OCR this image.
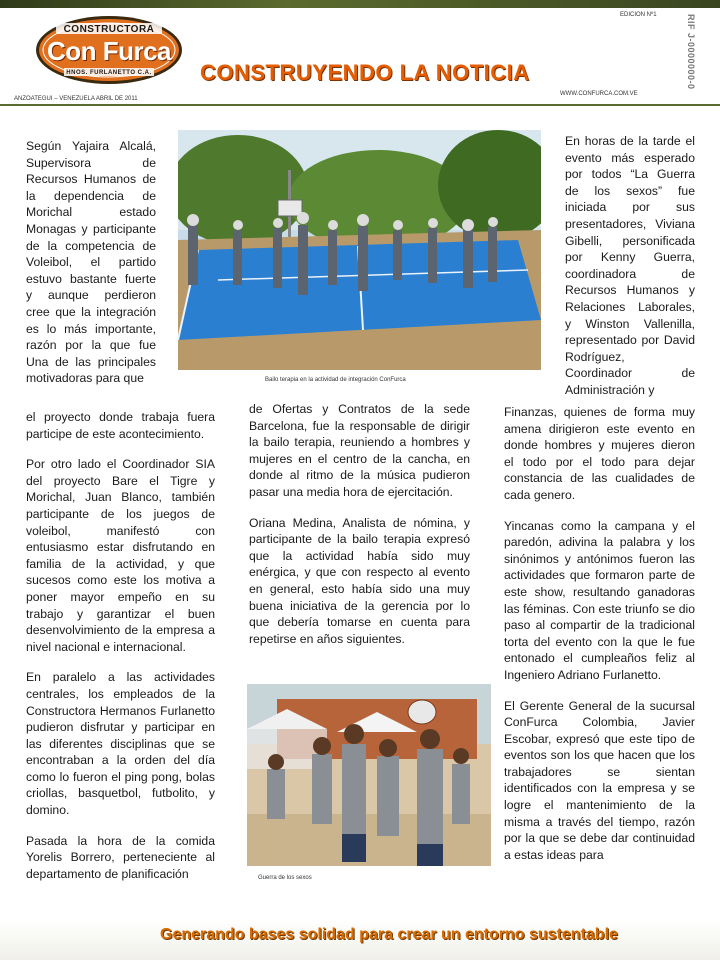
CONSTRUCTORA
Con Furca
HNOS. FURLANETTO C.A.	CONSTRUYENDO LA NOTICIA
EDICION Nº1	RIF J-0000000-0
WWW.CONFURCA.COM.VE
ANZOATEGUI – VENEZUELA ABRIL DE 2011

Según Yajaira Alcalá, Supervisora de Recursos Humanos de la dependencia de Morichal estado Monagas y participante de la competencia de Voleibol, el partido estuvo bastante fuerte y aunque perdieron cree que la integración es lo más importante, razón por la que fue Una de las principales motivadoras para que	Bailo terapia en la actividad de integración ConFurca

En horas de la tarde el evento más esperado por todos “La Guerra de los sexos” fue iniciada por sus presentadores, Viviana Gibelli, personificada por Kenny Guerra, coordinadora de Recursos Humanos y Relaciones Laborales, y Winston Vallenilla, representado por David Rodríguez, Coordinador de Administración y

el proyecto donde trabaja fuera participe de este acontecimiento.

Por otro lado el Coordinador SIA del proyecto Bare el Tigre y Morichal, Juan Blanco, también participante de los juegos de voleibol, manifestó con entusiasmo estar disfrutando en familia de la actividad, y que sucesos como este los motiva a poner mayor empeño en su trabajo y garantizar el buen desenvolvimiento de la empresa a nivel nacional e internacional.

En paralelo a las actividades centrales, los empleados de la Constructora Hermanos Furlanetto pudieron disfrutar y participar en las diferentes disciplinas que se encontraban a la orden del día como lo fueron el ping pong, bolas criollas, basquetbol, futbolito, y domino.

Pasada la hora de la comida Yorelis Borrero, perteneciente al departamento de planificación

de Ofertas y Contratos de la sede Barcelona, fue la responsable de dirigir la bailo terapia, reuniendo a hombres y mujeres en el centro de la cancha, en donde al ritmo de la música pudieron pasar una media hora de ejercitación.

Oriana Medina, Analista de nómina, y participante de la bailo terapia expresó que la actividad había sido muy enérgica, y que con respecto al evento en general, esto había sido una muy buena iniciativa de la gerencia por lo que debería tomarse en cuenta para repetirse en años siguientes.

Guerra de los sexos

Finanzas, quienes de forma muy amena dirigieron este evento en donde hombres y mujeres dieron el todo por el todo para dejar constancia de las cualidades de cada genero.

Yincanas como la campana y el paredón, adivina la palabra y los sinónimos y antónimos fueron las actividades que formaron parte de este show, resultando ganadoras las féminas. Con este triunfo se dio paso al compartir de la tradicional torta del evento con la que le fue entonado el cumpleaños feliz al Ingeniero Adriano Furlanetto.

El Gerente General de la sucursal ConFurca Colombia, Javier Escobar, expresó que este tipo de eventos son los que hacen que los trabajadores se sientan identificados con la empresa y se logre el mantenimiento de la misma a través del tiempo, razón por la que se debe dar continuidad a estas ideas para

Generando bases solidad para crear un entorno sustentable
